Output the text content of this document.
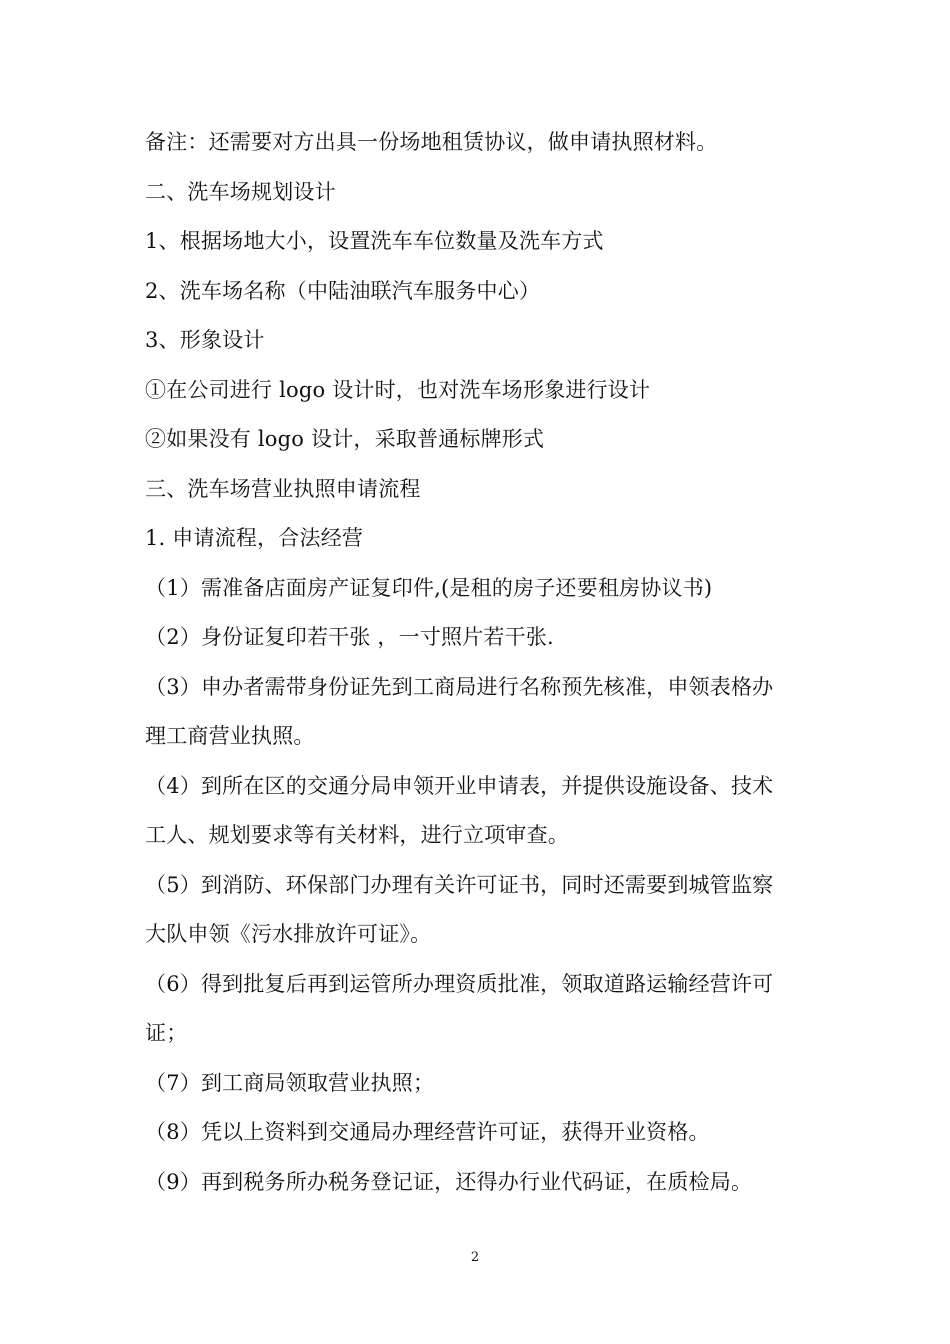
备注：还需要对方出具一份场地租赁协议，做申请执照材料。
二、洗车场规划设计
1、根据场地大小，设置洗车车位数量及洗车方式
2、洗车场名称（中陆油联汽车服务中心）
3、形象设计
①在公司进行 logo 设计时，也对洗车场形象进行设计
②如果没有 logo 设计，采取普通标牌形式
三、洗车场营业执照申请流程
1. 申请流程，合法经营
（1）需准备店面房产证复印件,(是租的房子还要租房协议书)
（2）身份证复印若干张 ，一寸照片若干张.
（3）申办者需带身份证先到工商局进行名称预先核准，申领表格办
理工商营业执照。
（4）到所在区的交通分局申领开业申请表，并提供设施设备、技术
工人、规划要求等有关材料，进行立项审查。
（5）到消防、环保部门办理有关许可证书，同时还需要到城管监察
大队申领《污水排放许可证》。
（6）得到批复后再到运管所办理资质批准，领取道路运输经营许可
证；
（7）到工商局领取营业执照；
（8）凭以上资料到交通局办理经营许可证，获得开业资格。
（9）再到税务所办税务登记证，还得办行业代码证，在质检局。
2
